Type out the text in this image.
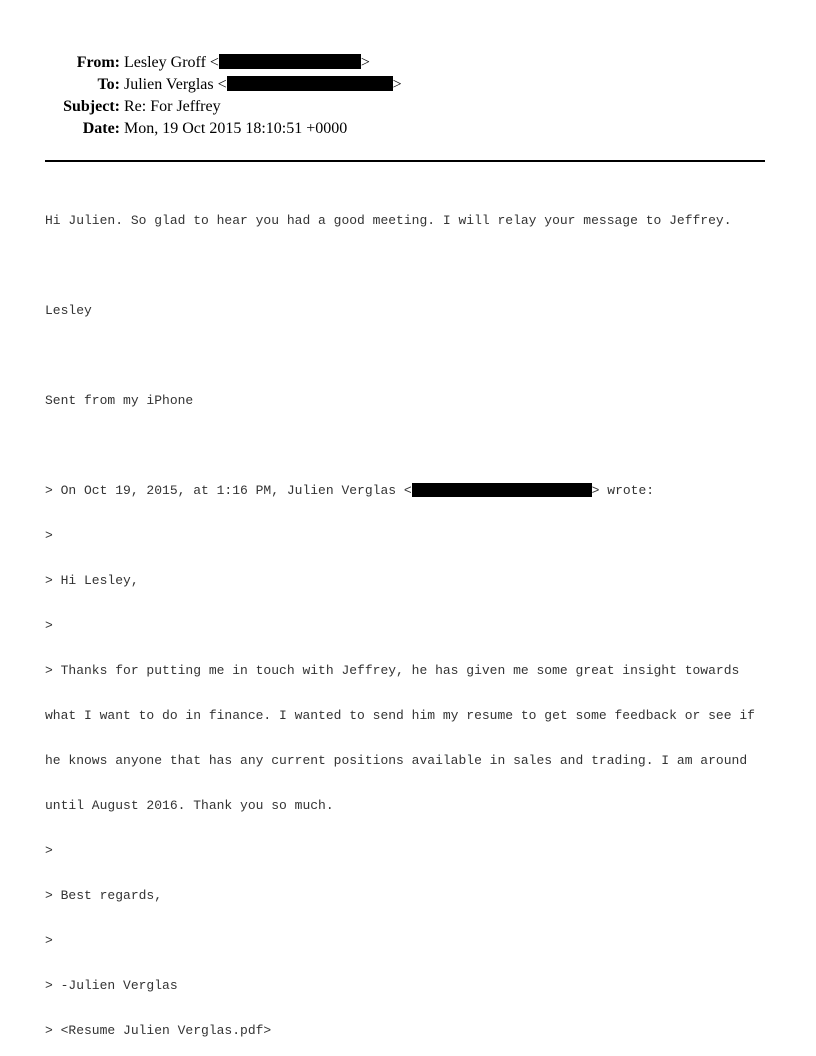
From: Lesley Groff <	>
To: Julien Verglas <	>
Subject: Re: For Jeffrey
Date: Mon, 19 Oct 2015 18:10:51 +0000

Hi Julien. So glad to hear you had a good meeting. I will relay your message to Jeffrey.

Lesley

Sent from my iPhone

> On Oct 19, 2015, at 1:16 PM, Julien Verglas <	> wrote:

>

> Hi Lesley,

>

> Thanks for putting me in touch with Jeffrey, he has given me some great insight towards

what I want to do in finance. I wanted to send him my resume to get some feedback or see if

he knows anyone that has any current positions available in sales and trading. I am around

until August 2016. Thank you so much.

>

> Best regards,

>

> -Julien Verglas

> <Resume Julien Verglas.pdf>
